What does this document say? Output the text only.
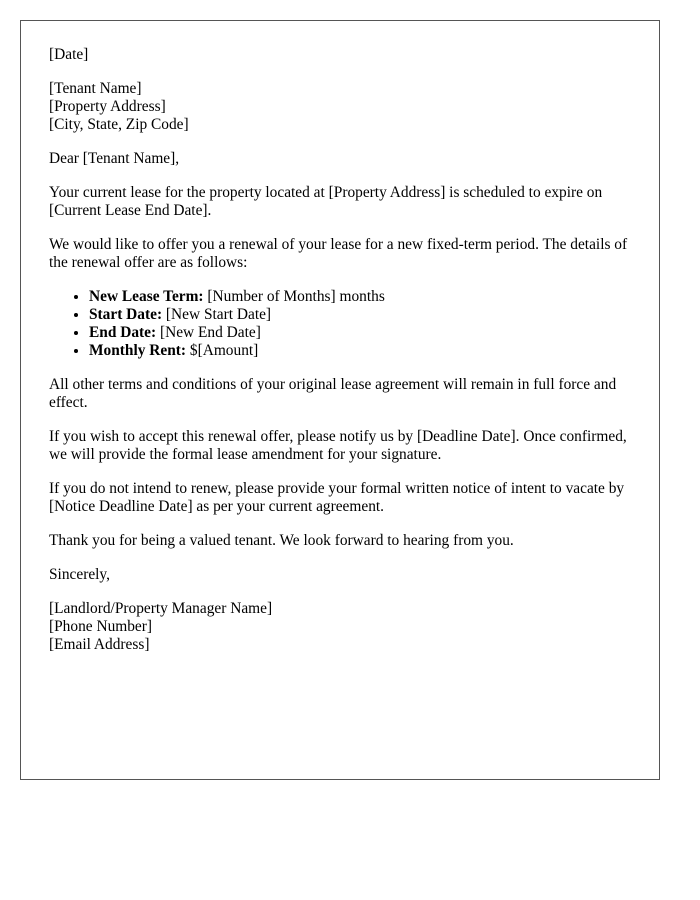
[Date]
[Tenant Name]
[Property Address]
[City, State, Zip Code]

Dear [Tenant Name],

Your current lease for the property located at [Property Address] is scheduled to expire on [Current Lease End Date].

We would like to offer you a renewal of your lease for a new fixed-term period. The details of the renewal offer are as follows:

• New Lease Term: [Number of Months] months
• Start Date: [New Start Date]
• End Date: [New End Date]
• Monthly Rent: $[Amount]

All other terms and conditions of your original lease agreement will remain in full force and effect.

If you wish to accept this renewal offer, please notify us by [Deadline Date]. Once confirmed, we will provide the formal lease amendment for your signature.

If you do not intend to renew, please provide your formal written notice of intent to vacate by [Notice Deadline Date] as per your current agreement.

Thank you for being a valued tenant. We look forward to hearing from you.

Sincerely,

[Landlord/Property Manager Name]
[Phone Number]
[Email Address]
